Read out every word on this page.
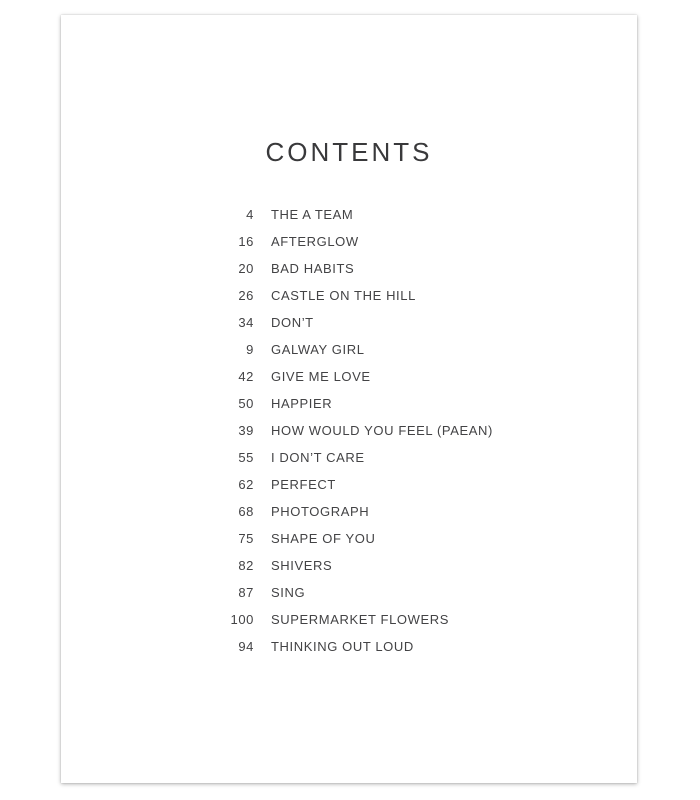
CONTENTS
4 THE A TEAM
16 AFTERGLOW
20 BAD HABITS
26 CASTLE ON THE HILL
34 DON’T
9 GALWAY GIRL
42 GIVE ME LOVE
50 HAPPIER
39 HOW WOULD YOU FEEL (PAEAN)
55 I DON’T CARE
62 PERFECT
68 PHOTOGRAPH
75 SHAPE OF YOU
82 SHIVERS
87 SING
100 SUPERMARKET FLOWERS
94 THINKING OUT LOUD
